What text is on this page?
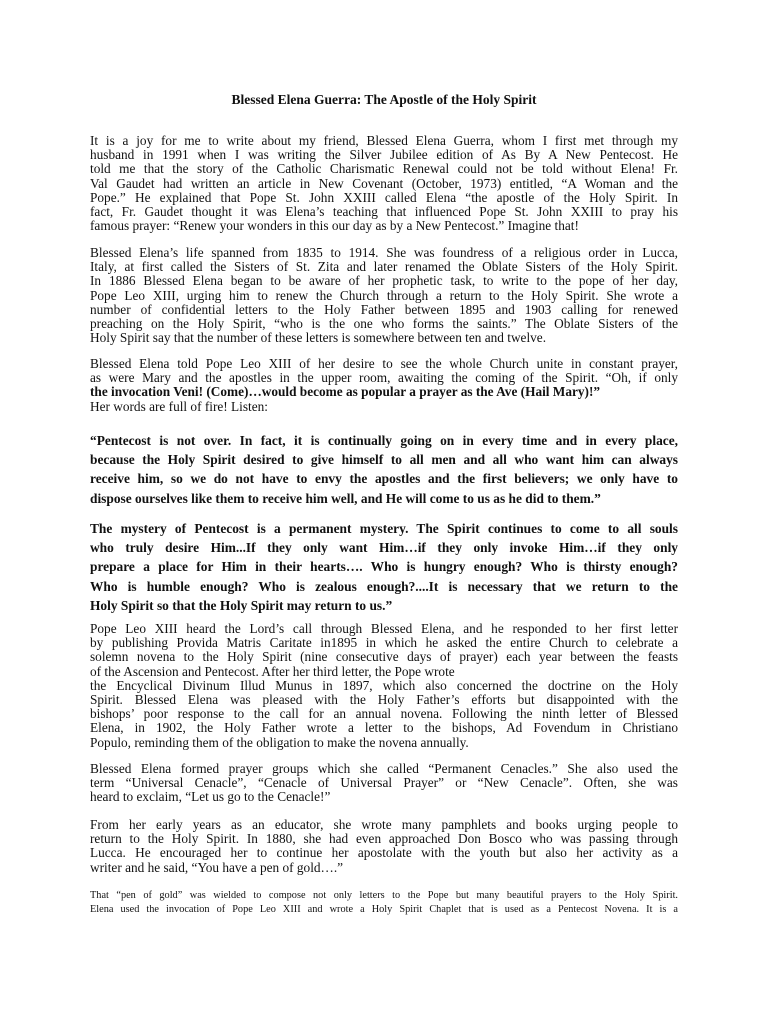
Blessed Elena Guerra: The Apostle of the Holy Spirit
It is a joy for me to write about my friend, Blessed Elena Guerra, whom I first met through my
husband in 1991 when I was writing the Silver Jubilee edition of As By A New Pentecost. He
told me that the story of the Catholic Charismatic Renewal could not be told without Elena! Fr.
Val Gaudet had written an article in New Covenant (October, 1973) entitled, “A Woman and the
Pope.” He explained that Pope St. John XXIII called Elena “the apostle of the Holy Spirit. In
fact, Fr. Gaudet thought it was Elena’s teaching that influenced Pope St. John XXIII to pray his
famous prayer: “Renew your wonders in this our day as by a New Pentecost.” Imagine that!
Blessed Elena’s life spanned from 1835 to 1914. She was foundress of a religious order in Lucca,
Italy, at first called the Sisters of St. Zita and later renamed the Oblate Sisters of the Holy Spirit.
In 1886 Blessed Elena began to be aware of her prophetic task, to write to the pope of her day,
Pope Leo XIII, urging him to renew the Church through a return to the Holy Spirit. She wrote a
number of confidential letters to the Holy Father between 1895 and 1903 calling for renewed
preaching on the Holy Spirit, “who is the one who forms the saints.” The Oblate Sisters of the
Holy Spirit say that the number of these letters is somewhere between ten and twelve.
Blessed Elena told Pope Leo XIII of her desire to see the whole Church unite in constant prayer,
as were Mary and the apostles in the upper room, awaiting the coming of the Spirit. “Oh, if only
the invocation Veni! (Come)…would become as popular a prayer as the Ave (Hail Mary)!”
Her words are full of fire! Listen:
“Pentecost is not over. In fact, it is continually going on in every time and in every place,
because the Holy Spirit desired to give himself to all men and all who want him can always
receive him, so we do not have to envy the apostles and the first believers; we only have to
dispose ourselves like them to receive him well, and He will come to us as he did to them.”
The mystery of Pentecost is a permanent mystery. The Spirit continues to come to all souls
who truly desire Him...If they only want Him…if they only invoke Him…if they only
prepare a place for Him in their hearts…. Who is hungry enough? Who is thirsty enough?
Who is humble enough? Who is zealous enough?....It is necessary that we return to the
Holy Spirit so that the Holy Spirit may return to us.”
Pope Leo XIII heard the Lord’s call through Blessed Elena, and he responded to her first letter
by publishing Provida Matris Caritate in1895 in which he asked the entire Church to celebrate a
solemn novena to the Holy Spirit (nine consecutive days of prayer) each year between the feasts
of the Ascension and Pentecost. After her third letter, the Pope wrote
the Encyclical Divinum Illud Munus in 1897, which also concerned the doctrine on the Holy
Spirit. Blessed Elena was pleased with the Holy Father’s efforts but disappointed with the
bishops’ poor response to the call for an annual novena. Following the ninth letter of Blessed
Elena, in 1902, the Holy Father wrote a letter to the bishops, Ad Fovendum in Christiano
Populo, reminding them of the obligation to make the novena annually.
Blessed Elena formed prayer groups which she called “Permanent Cenacles.” She also used the
term “Universal Cenacle”, “Cenacle of Universal Prayer” or “New Cenacle”. Often, she was
heard to exclaim, “Let us go to the Cenacle!”
From her early years as an educator, she wrote many pamphlets and books urging people to
return to the Holy Spirit. In 1880, she had even approached Don Bosco who was passing through
Lucca. He encouraged her to continue her apostolate with the youth but also her activity as a
writer and he said, “You have a pen of gold….”
That “pen of gold” was wielded to compose not only letters to the Pope but many beautiful prayers to the Holy Spirit.
Elena used the invocation of Pope Leo XIII and wrote a Holy Spirit Chaplet that is used as a Pentecost Novena. It is a
